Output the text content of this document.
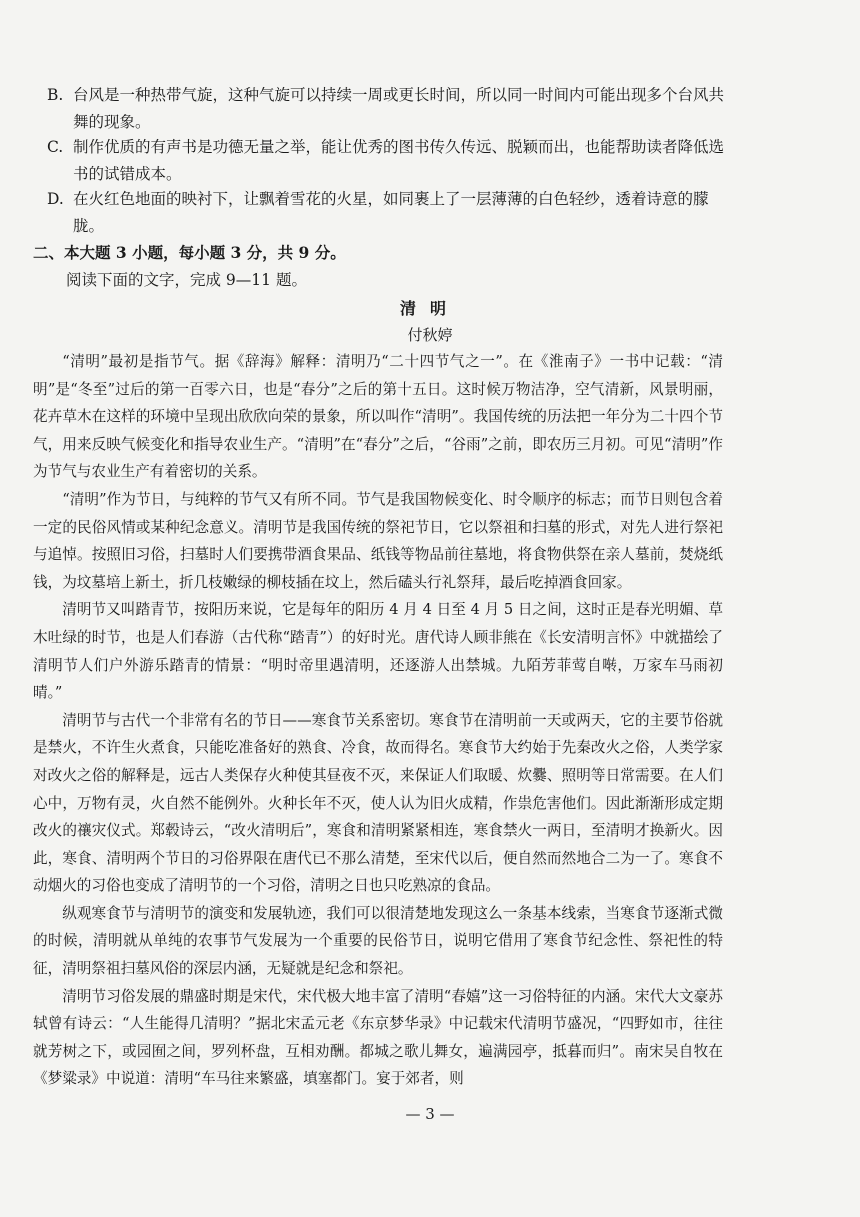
B. 台风是一种热带气旋，这种气旋可以持续一周或更长时间，所以同一时间内可能出现多个台风共舞的现象。
C. 制作优质的有声书是功德无量之举，能让优秀的图书传久传远、脱颖而出，也能帮助读者降低选书的试错成本。
D. 在火红色地面的映衬下，让飘着雪花的火星，如同裹上了一层薄薄的白色轻纱，透着诗意的朦胧。
二、本大题 3 小题，每小题 3 分，共 9 分。
阅读下面的文字，完成 9—11 题。
清明
付秋婷

“清明”最初是指节气。据《辞海》解释：清明乃“二十四节气之一”。在《淮南子》一书中记载：“清明”是“冬至”过后的第一百零六日，也是“春分”之后的第十五日。这时候万物洁净，空气清新，风景明丽，花卉草木在这样的环境中呈现出欣欣向荣的景象，所以叫作“清明”。我国传统的历法把一年分为二十四个节气，用来反映气候变化和指导农业生产。“清明”在“春分”之后，“谷雨”之前，即农历三月初。可见“清明”作为节气与农业生产有着密切的关系。

“清明”作为节日，与纯粹的节气又有所不同。节气是我国物候变化、时令顺序的标志；而节日则包含着一定的民俗风情或某种纪念意义。清明节是我国传统的祭祀节日，它以祭祖和扫墓的形式，对先人进行祭祀与追悼。按照旧习俗，扫墓时人们要携带酒食果品、纸钱等物品前往墓地，将食物供祭在亲人墓前，焚烧纸钱，为坟墓培上新土，折几枝嫩绿的柳枝插在坟上，然后磕头行礼祭拜，最后吃掉酒食回家。

清明节又叫踏青节，按阳历来说，它是每年的阳历 4 月 4 日至 4 月 5 日之间，这时正是春光明媚、草木吐绿的时节，也是人们春游（古代称“踏青”）的好时光。唐代诗人顾非熊在《长安清明言怀》中就描绘了清明节人们户外游乐踏青的情景：“明时帝里遇清明，还逐游人出禁城。九陌芳菲莺自啭，万家车马雨初晴。”

清明节与古代一个非常有名的节日——寒食节关系密切。寒食节在清明前一天或两天，它的主要节俗就是禁火，不许生火煮食，只能吃准备好的熟食、冷食，故而得名。寒食节大约始于先秦改火之俗，人类学家对改火之俗的解释是，远古人类保存火种使其昼夜不灭，来保证人们取暖、炊爨、照明等日常需要。在人们心中，万物有灵，火自然不能例外。火种长年不灭，使人认为旧火成精，作祟危害他们。因此渐渐形成定期改火的禳灾仪式。郑毂诗云，“改火清明后”，寒食和清明紧紧相连，寒食禁火一两日，至清明才换新火。因此，寒食、清明两个节日的习俗界限在唐代已不那么清楚，至宋代以后，便自然而然地合二为一了。寒食不动烟火的习俗也变成了清明节的一个习俗，清明之日也只吃熟凉的食品。

纵观寒食节与清明节的演变和发展轨迹，我们可以很清楚地发现这么一条基本线索，当寒食节逐渐式微的时候，清明就从单纯的农事节气发展为一个重要的民俗节日，说明它借用了寒食节纪念性、祭祀性的特征，清明祭祖扫墓风俗的深层内涵，无疑就是纪念和祭祀。

清明节习俗发展的鼎盛时期是宋代，宋代极大地丰富了清明“春嬉”这一习俗特征的内涵。宋代大文豪苏轼曾有诗云：“人生能得几清明？”据北宋孟元老《东京梦华录》中记载宋代清明节盛况，“四野如市，往往就芳树之下，或园囿之间，罗列杯盘，互相劝酬。都城之歌儿舞女，遍满园亭，抵暮而归”。南宋吴自牧在《梦粱录》中说道：清明“车马往来繁盛，填塞都门。宴于郊者，则

— 3 —
